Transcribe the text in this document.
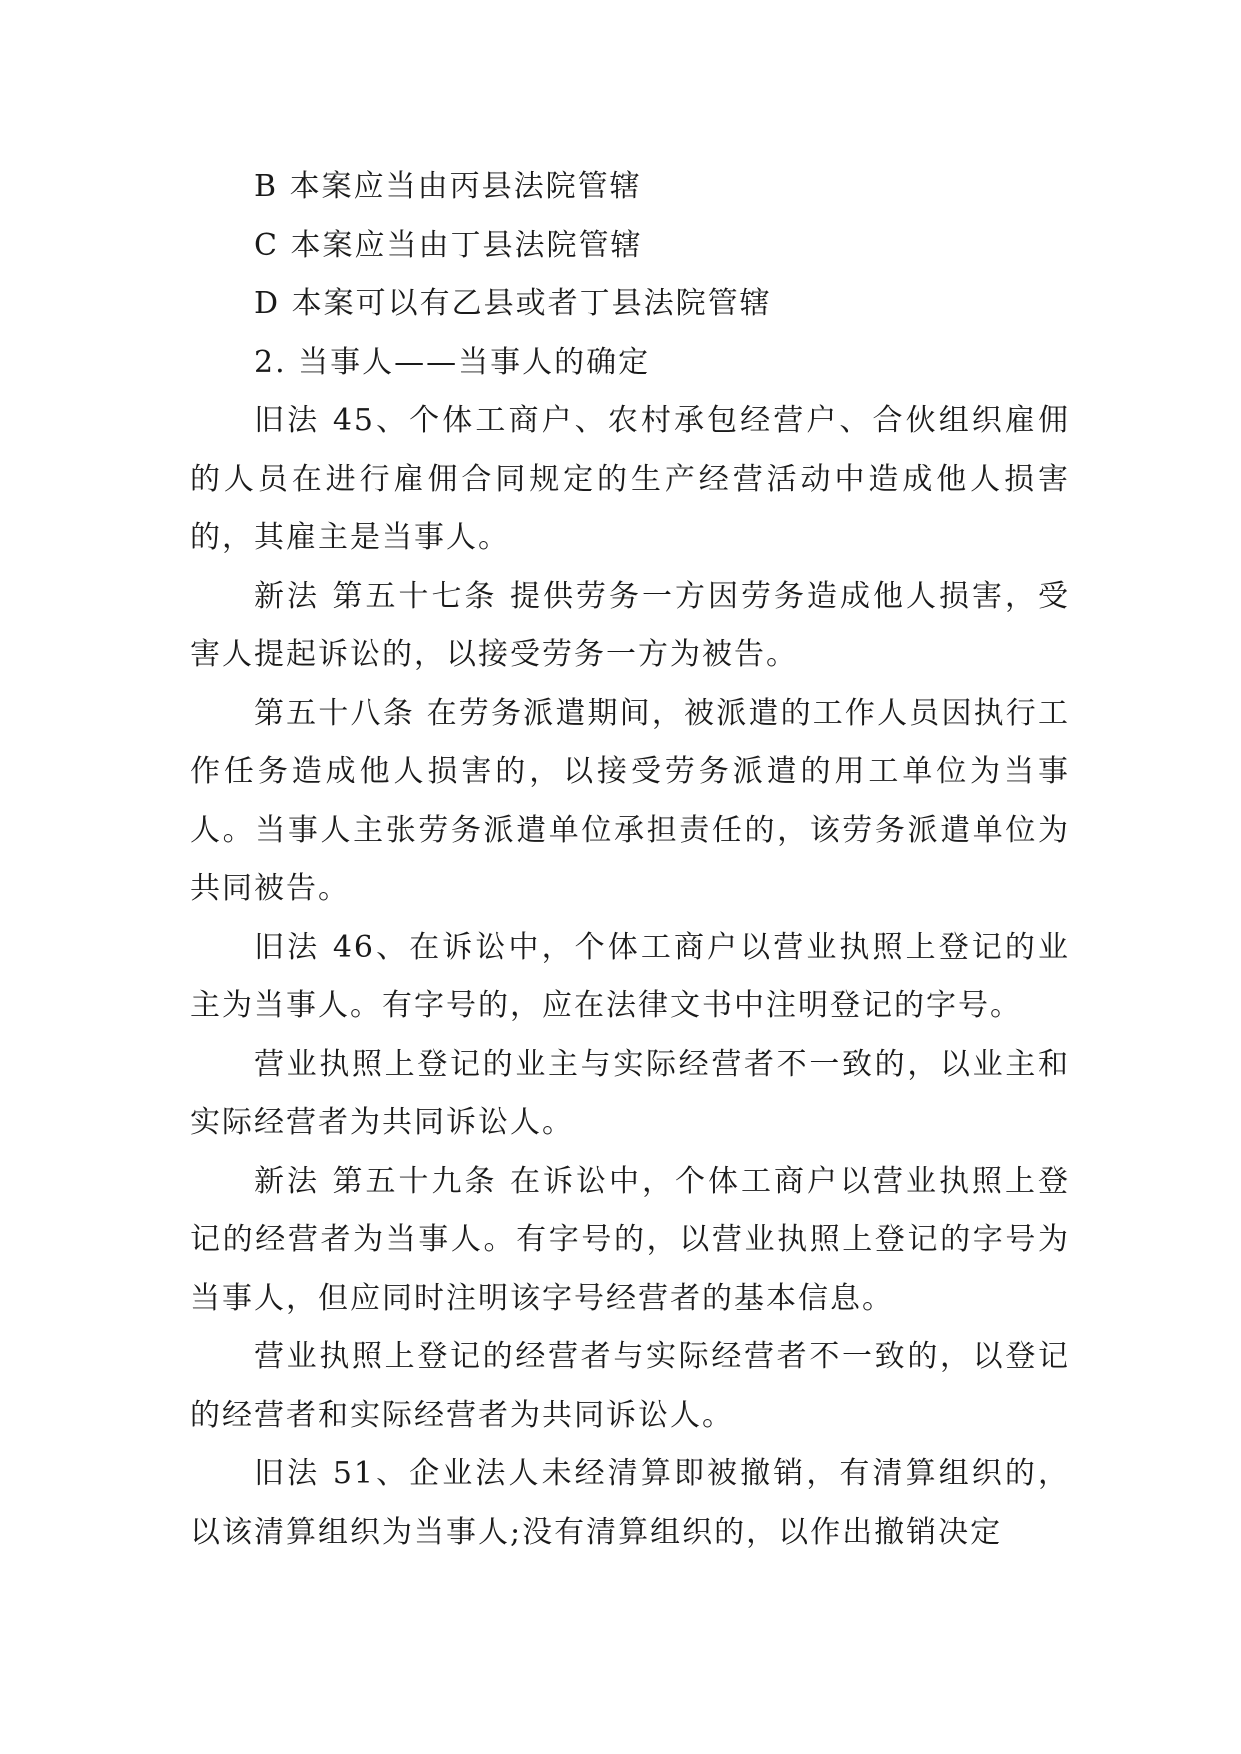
B 本案应当由丙县法院管辖

C 本案应当由丁县法院管辖

D 本案可以有乙县或者丁县法院管辖

2. 当事人——当事人的确定

旧法 45、个体工商户、农村承包经营户、合伙组织雇佣的人员在进行雇佣合同规定的生产经营活动中造成他人损害的，其雇主是当事人。

新法 第五十七条 提供劳务一方因劳务造成他人损害，受害人提起诉讼的，以接受劳务一方为被告。

第五十八条 在劳务派遣期间，被派遣的工作人员因执行工作任务造成他人损害的，以接受劳务派遣的用工单位为当事人。当事人主张劳务派遣单位承担责任的，该劳务派遣单位为共同被告。

旧法 46、在诉讼中，个体工商户以营业执照上登记的业主为当事人。有字号的，应在法律文书中注明登记的字号。

营业执照上登记的业主与实际经营者不一致的，以业主和实际经营者为共同诉讼人。

新法 第五十九条 在诉讼中，个体工商户以营业执照上登记的经营者为当事人。有字号的，以营业执照上登记的字号为当事人，但应同时注明该字号经营者的基本信息。

营业执照上登记的经营者与实际经营者不一致的，以登记的经营者和实际经营者为共同诉讼人。

旧法 51、企业法人未经清算即被撤销，有清算组织的，以该清算组织为当事人;没有清算组织的，以作出撤销决定
